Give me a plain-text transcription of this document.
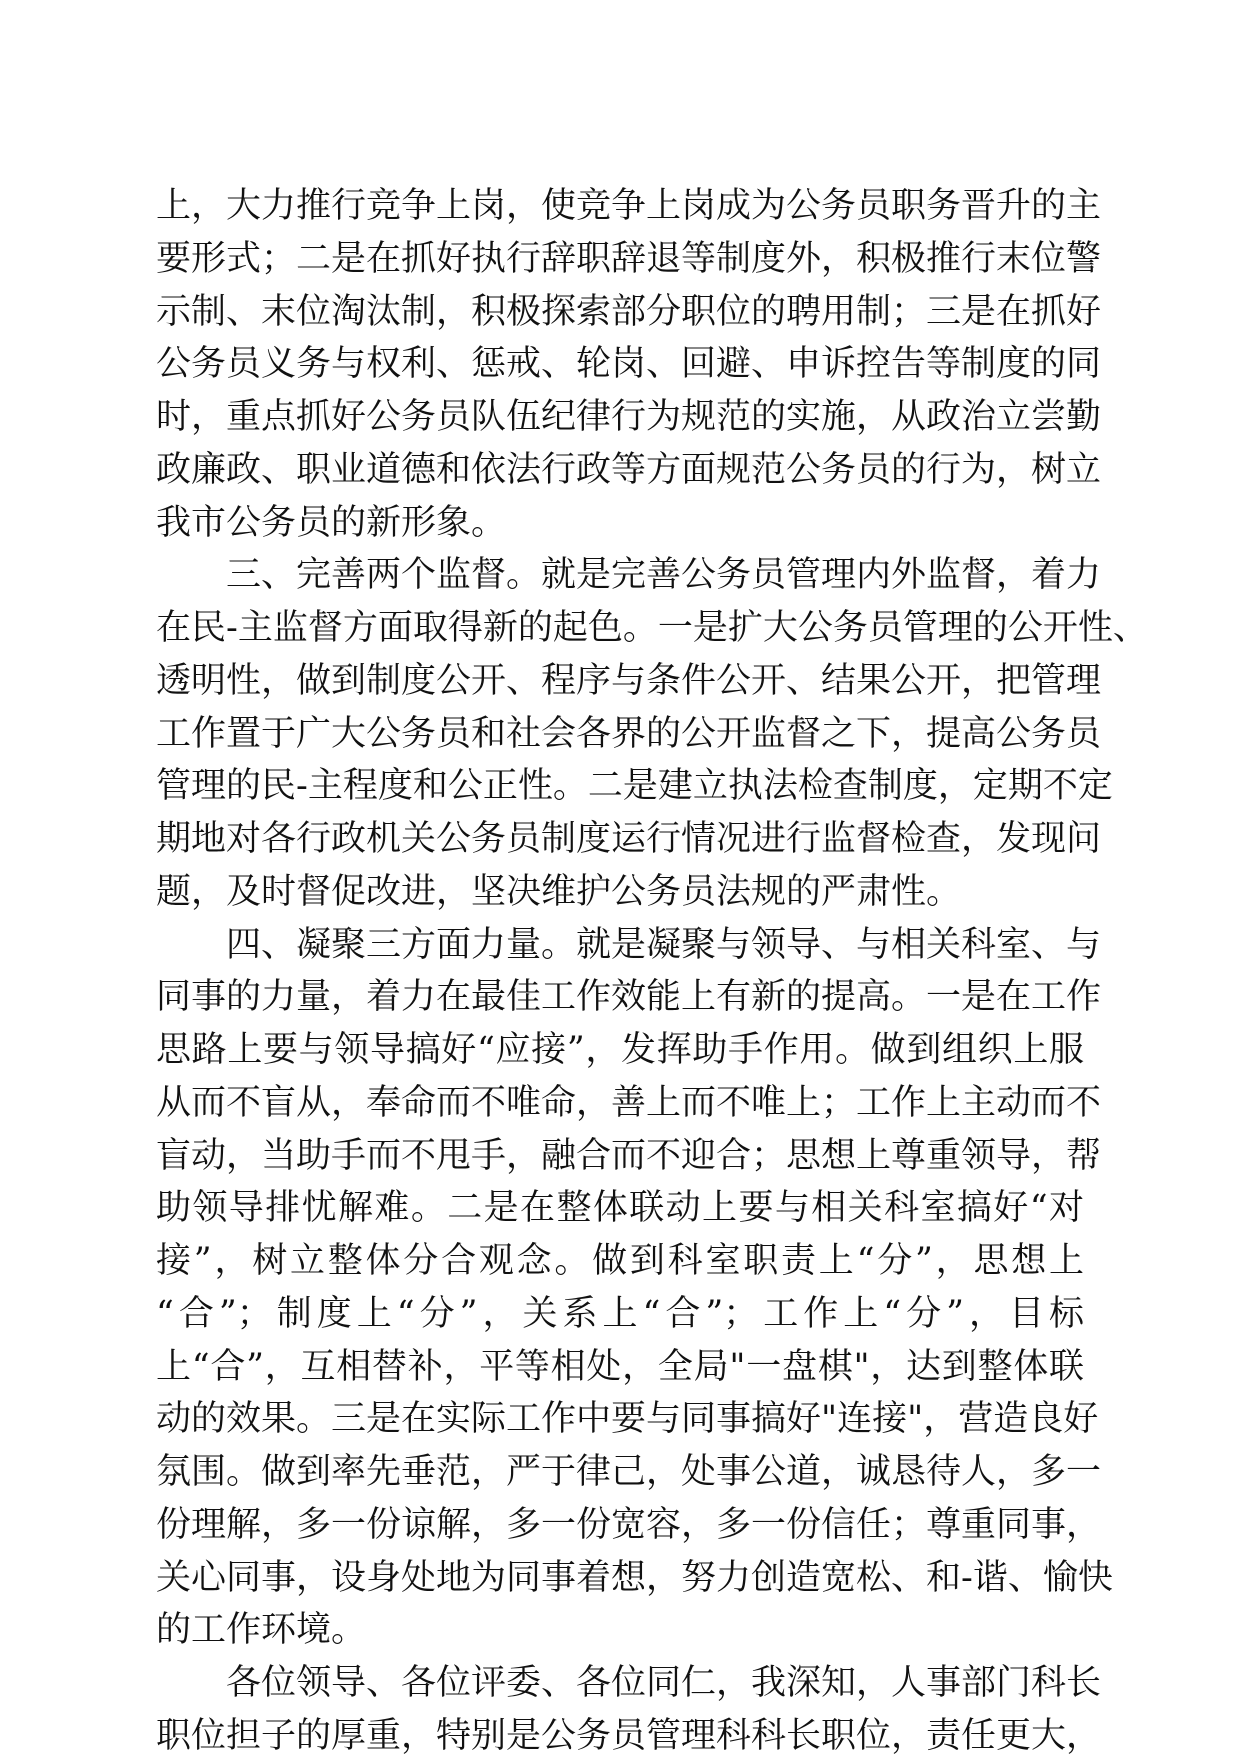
上，大力推行竞争上岗，使竞争上岗成为公务员职务晋升的主
要形式；二是在抓好执行辞职辞退等制度外，积极推行末位警
示制、末位淘汰制，积极探索部分职位的聘用制；三是在抓好
公务员义务与权利、惩戒、轮岗、回避、申诉控告等制度的同
时，重点抓好公务员队伍纪律行为规范的实施，从政治立尝勤
政廉政、职业道德和依法行政等方面规范公务员的行为，树立
我市公务员的新形象。
三、完善两个监督。就是完善公务员管理内外监督，着力
在民-主监督方面取得新的起色。一是扩大公务员管理的公开性、
透明性，做到制度公开、程序与条件公开、结果公开，把管理
工作置于广大公务员和社会各界的公开监督之下，提高公务员
管理的民-主程度和公正性。二是建立执法检查制度，定期不定
期地对各行政机关公务员制度运行情况进行监督检查，发现问
题，及时督促改进，坚决维护公务员法规的严肃性。
四、凝聚三方面力量。就是凝聚与领导、与相关科室、与
同事的力量，着力在最佳工作效能上有新的提高。一是在工作
思路上要与领导搞好“应接”，发挥助手作用。做到组织上服
从而不盲从，奉命而不唯命，善上而不唯上；工作上主动而不
盲动，当助手而不甩手，融合而不迎合；思想上尊重领导，帮
助领导排忧解难。二是在整体联动上要与相关科室搞好“对
接”，树立整体分合观念。做到科室职责上“分”，思想上
“合”；制度上“分”，关系上“合”；工作上“分”，目标
上“合”，互相替补，平等相处，全局"一盘棋"，达到整体联
动的效果。三是在实际工作中要与同事搞好"连接"，营造良好
氛围。做到率先垂范，严于律己，处事公道，诚恳待人，多一
份理解，多一份谅解，多一份宽容，多一份信任；尊重同事，
关心同事，设身处地为同事着想，努力创造宽松、和-谐、愉快
的工作环境。
各位领导、各位评委、各位同仁，我深知，人事部门科长
职位担子的厚重，特别是公务员管理科科长职位，责任更大，
